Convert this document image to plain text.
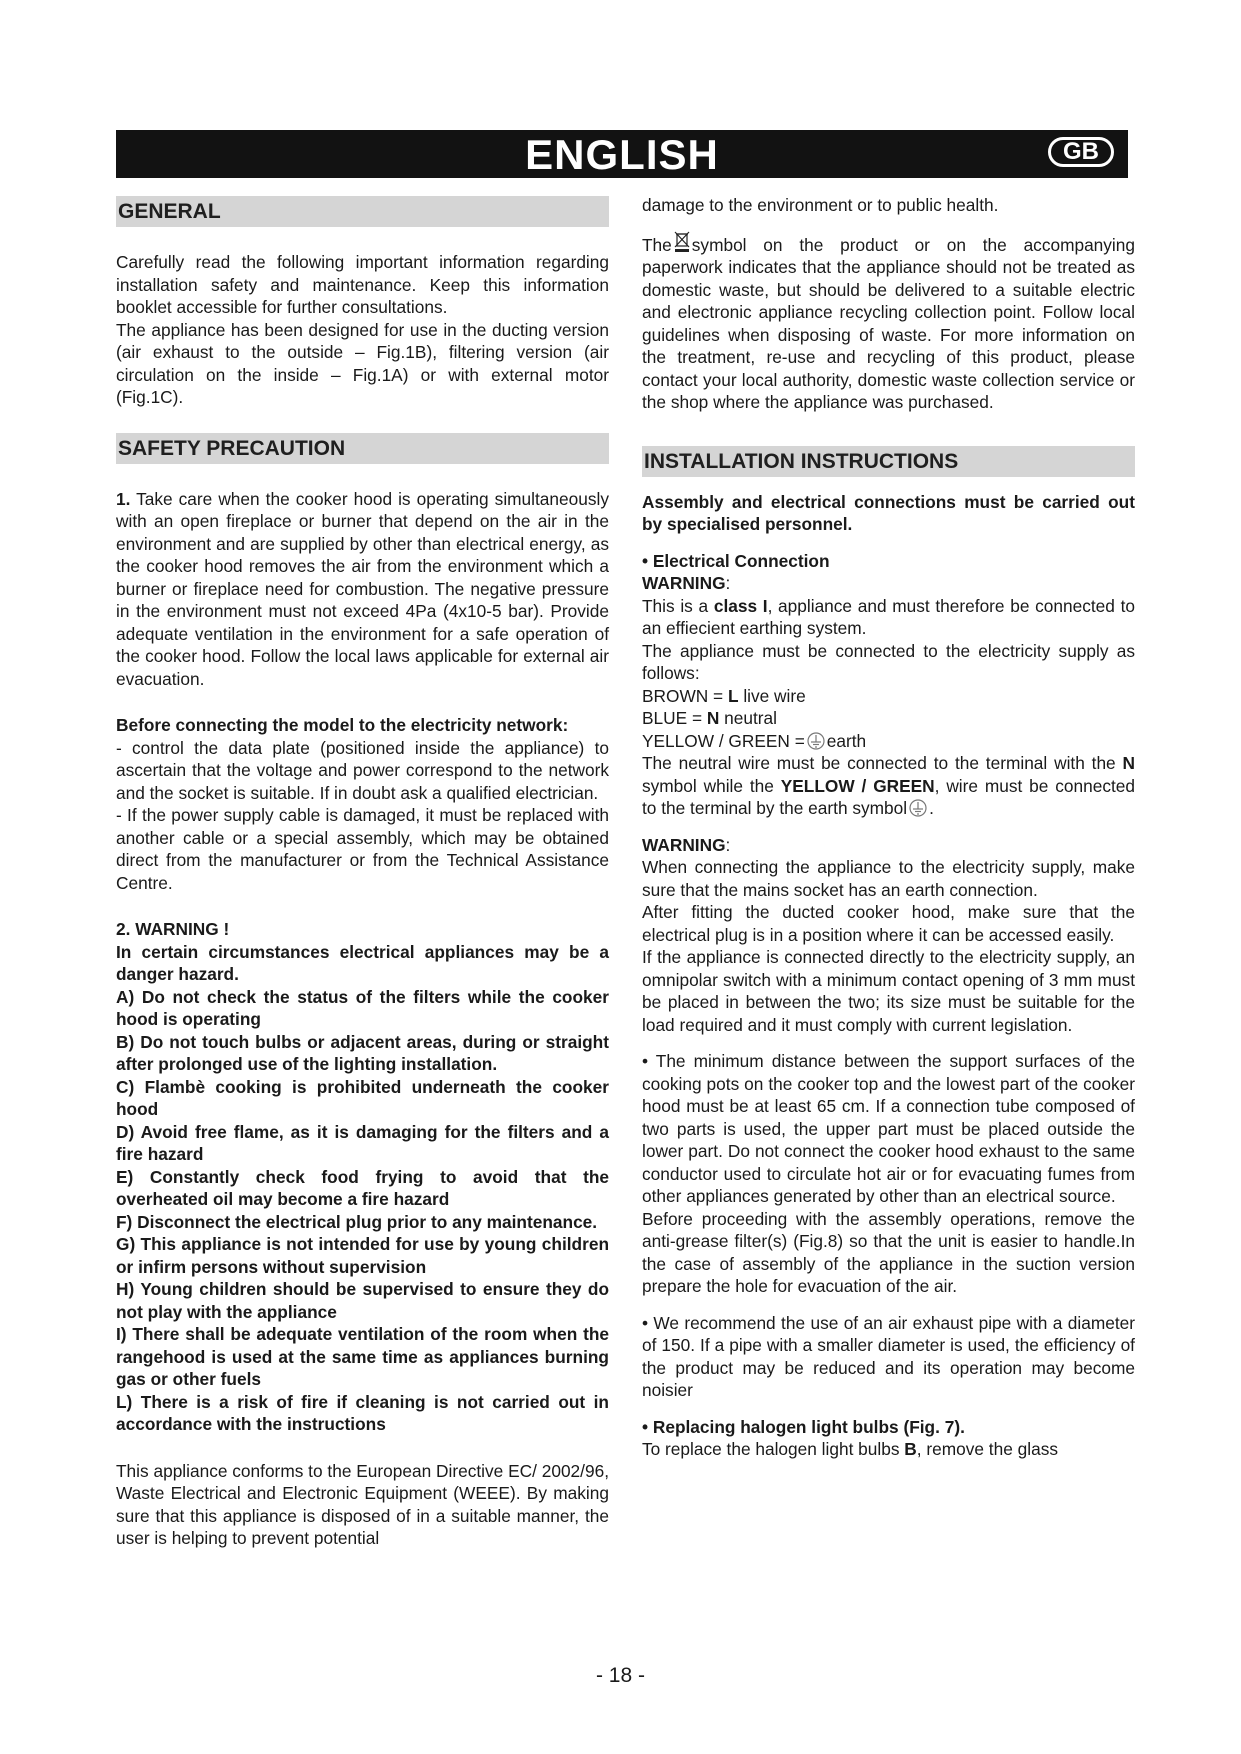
ENGLISH	GB
GENERAL

Carefully read the following important information regarding installation safety and maintenance. Keep this information booklet accessible for further consultations.

The appliance has been designed for use in the ducting version (air exhaust to the outside – Fig.1B), filtering version (air circulation on the inside – Fig.1A) or with external motor (Fig.1C).

SAFETY PRECAUTION

1. Take care when the cooker hood is operating simultaneously with an open fireplace or burner that depend on the air in the environment and are supplied by other than electrical energy, as the cooker hood removes the air from the environment which a burner or fireplace need for combustion. The negative pressure in the environment must not exceed 4Pa (4x10-5 bar). Provide adequate ventilation in the environment for a safe operation of the cooker hood. Follow the local laws applicable for external air evacuation.

Before connecting the model to the electricity network:

- control the data plate (positioned inside the appliance) to ascertain that the voltage and power correspond to the network and the socket is suitable. If in doubt ask a qualified electrician.

- If the power supply cable is damaged, it must be replaced with another cable or a special assembly, which may be obtained direct from the manufacturer or from the Technical Assistance Centre.

2. WARNING !

In certain circumstances electrical appliances may be a danger hazard.

A) Do not check the status of the filters while the cooker hood is operating

B) Do not touch bulbs or adjacent areas, during or straight after prolonged use of the lighting installation.

C) Flambè cooking is prohibited underneath the cooker hood

D) Avoid free flame, as it is damaging for the filters and a fire hazard

E) Constantly check food frying to avoid that the overheated oil may become a fire hazard

F) Disconnect the electrical plug prior to any maintenance.

G) This appliance is not intended for use by young children or infirm persons without supervision

H) Young children should be supervised to ensure they do not play with the appliance

I) There shall be adequate ventilation of the room when the rangehood is used at the same time as appliances burning gas or other fuels

L) There is a risk of fire if cleaning is not carried out in accordance with the instructions

This appliance conforms to the European Directive EC/ 2002/96, Waste Electrical and Electronic Equipment (WEEE). By making sure that this appliance is disposed of in a suitable manner, the user is helping to prevent potential

damage to the environment or to public health.

The symbol on the product or on the accompanying paperwork indicates that the appliance should not be treated as domestic waste, but should be delivered to a suitable electric and electronic appliance recycling collection point. Follow local guidelines when disposing of waste. For more information on the treatment, re-use and recycling of this product, please contact your local authority, domestic waste collection service or the shop where the appliance was purchased.

INSTALLATION INSTRUCTIONS

Assembly and electrical connections must be carried out by specialised personnel.

• Electrical Connection

WARNING:

This is a class I, appliance and must therefore be connected to an effiecient earthing system.

The appliance must be connected to the electricity supply as follows:

BROWN = L live wire

BLUE = N neutral

YELLOW / GREEN = earth

The neutral wire must be connected to the terminal with the N symbol while the YELLOW / GREEN, wire must be connected to the terminal by the earth symbol .

WARNING:

When connecting the appliance to the electricity supply, make sure that the mains socket has an earth connection.

After fitting the ducted cooker hood, make sure that the electrical plug is in a position where it can be accessed easily.

If the appliance is connected directly to the electricity supply, an omnipolar switch with a minimum contact opening of 3 mm must be placed in between the two; its size must be suitable for the load required and it must comply with current legislation.

• The minimum distance between the support surfaces of the cooking pots on the cooker top and the lowest part of the cooker hood must be at least 65 cm. If a connection tube composed of two parts is used, the upper part must be placed outside the lower part. Do not connect the cooker hood exhaust to the same conductor used to circulate hot air or for evacuating fumes from other appliances generated by other than an electrical source.

Before proceeding with the assembly operations, remove the anti-grease filter(s) (Fig.8) so that the unit is easier to handle.In the case of assembly of the appliance in the suction version prepare the hole for evacuation of the air.

• We recommend the use of an air exhaust pipe with a diameter of 150. If a pipe with a smaller diameter is used, the efficiency of the product may be reduced and its operation may become noisier

• Replacing halogen light bulbs (Fig. 7).

To replace the halogen light bulbs B, remove the glass

- 18 -
